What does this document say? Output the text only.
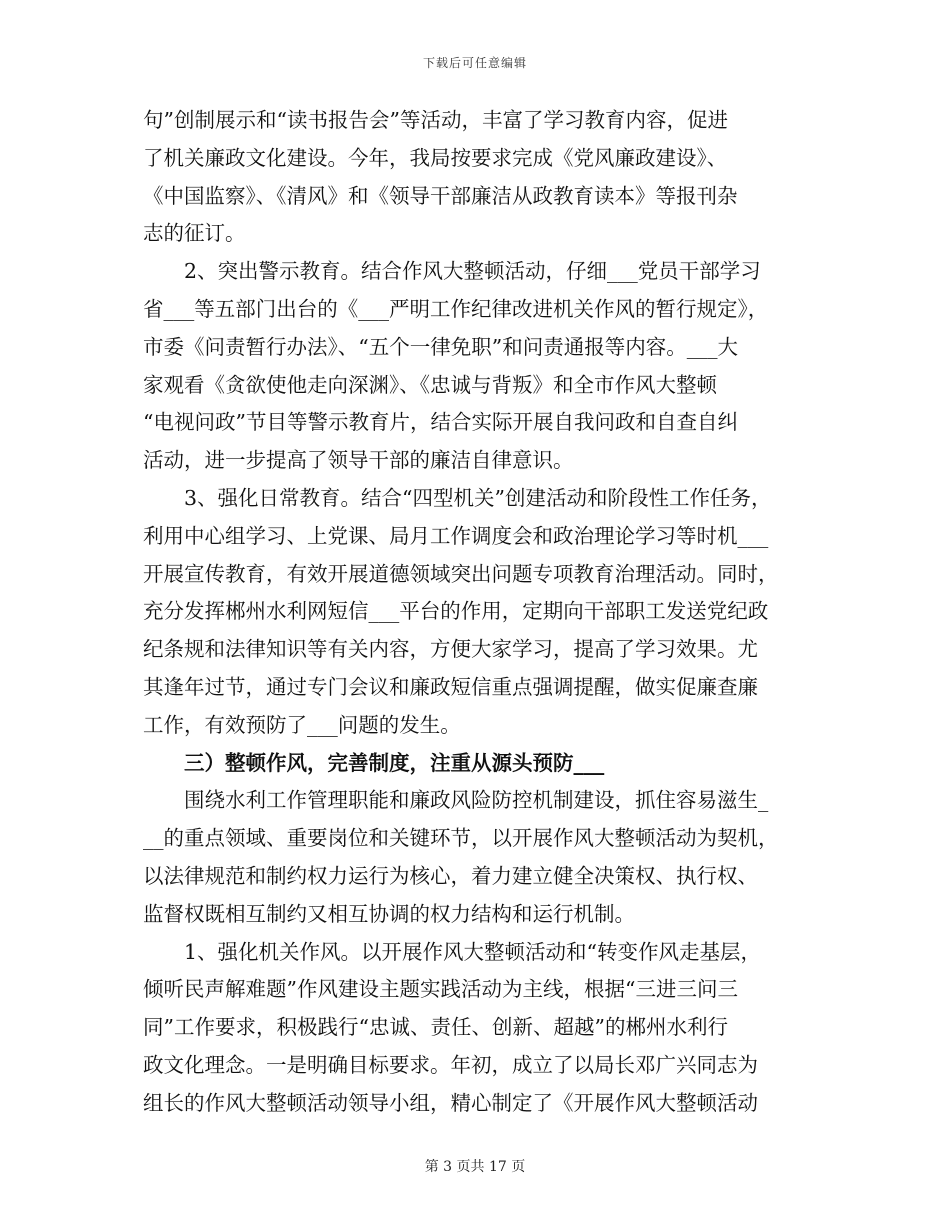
下载后可任意编辑
句”创制展示和“读书报告会”等活动，丰富了学习教育内容，促进
了机关廉政文化建设。今年，我局按要求完成《党风廉政建设》、
《中国监察》、《清风》和《领导干部廉洁从政教育读本》等报刊杂
志的征订。
　　2、突出警示教育。结合作风大整顿活动，仔细___党员干部学习
省___等五部门出台的《___严明工作纪律改进机关作风的暂行规定》，
市委《问责暂行办法》、“五个一律免职”和问责通报等内容。___大
家观看《贪欲使他走向深渊》、《忠诚与背叛》和全市作风大整顿
“电视问政”节目等警示教育片，结合实际开展自我问政和自查自纠
活动，进一步提高了领导干部的廉洁自律意识。
　　3、强化日常教育。结合“四型机关”创建活动和阶段性工作任务，
利用中心组学习、上党课、局月工作调度会和政治理论学习等时机___
开展宣传教育，有效开展道德领域突出问题专项教育治理活动。同时，
充分发挥郴州水利网短信___平台的作用，定期向干部职工发送党纪政
纪条规和法律知识等有关内容，方便大家学习，提高了学习效果。尤
其逢年过节，通过专门会议和廉政短信重点强调提醒，做实促廉查廉
工作，有效预防了___问题的发生。
　　三）整顿作风，完善制度，注重从源头预防___
　　围绕水利工作管理职能和廉政风险防控机制建设，抓住容易滋生_
__的重点领域、重要岗位和关键环节，以开展作风大整顿活动为契机，
以法律规范和制约权力运行为核心，着力建立健全决策权、执行权、
监督权既相互制约又相互协调的权力结构和运行机制。
　　1、强化机关作风。以开展作风大整顿活动和“转变作风走基层，
倾听民声解难题”作风建设主题实践活动为主线，根据“三进三问三
同”工作要求，积极践行“忠诚、责任、创新、超越”的郴州水利行
政文化理念。一是明确目标要求。年初，成立了以局长邓广兴同志为
组长的作风大整顿活动领导小组，精心制定了《开展作风大整顿活动
第 3 页共 17 页
